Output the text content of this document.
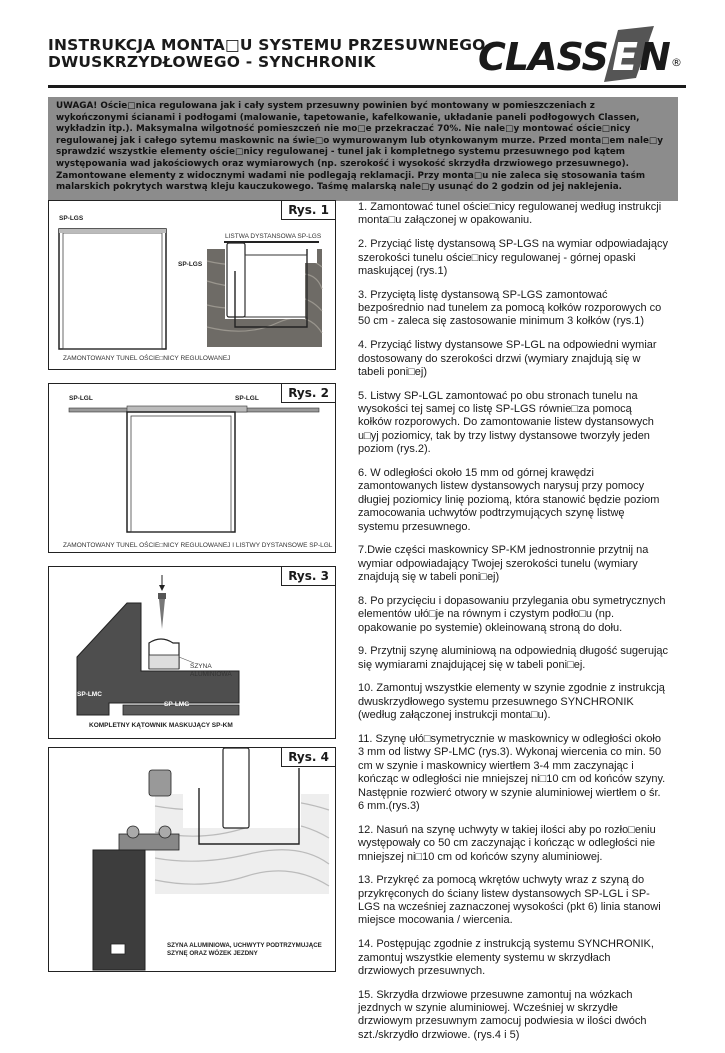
INSTRUKCJA MONTA□U SYSTEMU PRZESUWNEGO
DWUSKRZYDŁOWEGO - SYNCHRONIK	CLASS E N ®
UWAGA! Oście□nica regulowana jak i cały system przesuwny powinien być montowany w pomieszczeniach z wykończonymi ścianami i podłogami (malowanie, tapetowanie, kafelkowanie, układanie paneli podłogowych Classen, wykładzin itp.). Maksymalna wilgotność pomieszczeń nie mo□e przekraczać 70%. Nie nale□y montować oście□nicy regulowanej jak i całego sytemu maskownic na świe□o wymurowanym lub otynkowanym murze. Przed monta□em nale□y sprawdzić wszystkie elementy oście□nicy regulowanej - tunel jak i kompletnego systemu przesuwnego pod kątem występowania wad jakościowych oraz wymiarowych (np. szerokość i wysokość skrzydła drzwiowego przesuwnego). Zamontowane elementy z widocznymi wadami nie podlegają reklamacji. Przy monta□u nie zaleca się stosowania taśm malarskich pokrytych warstwą kleju kauczukowego. Taśmę malarską nale□y usunąć do 2 godzin od jej naklejenia.
SP-LGS
SP-LGS
LISTWA DYSTANSOWA SP-LGS
ZAMONTOWANY TUNEL OŚCIE□NICY REGULOWANEJ
Rys. 1
SP-LGL	SP-LGL
ZAMONTOWANY TUNEL OŚCIE□NICY REGULOWANEJ I LISTWY DYSTANSOWE SP-LGL
Rys. 2
SZYNA ALUMINIOWA
SP-LMC
SP-LMG
KOMPLETNY KĄTOWNIK MASKUJĄCY SP-KM
Rys. 3
SZYNA ALUMINIOWA, UCHWYTY PODTRZYMUJĄCE SZYNĘ ORAZ WÓZEK JEZDNY
Rys. 4

1. Zamontować tunel oście□nicy regulowanej według instrukcji monta□u załączonej w opakowaniu.

2. Przyciąć listę dystansową SP-LGS na wymiar odpowiadający szerokości tunelu oście□nicy regulowanej - górnej opaski maskującej (rys.1)

3. Przyciętą listę dystansową SP-LGS zamontować bezpośrednio nad tunelem za pomocą kołków rozporowych co 50 cm - zaleca się zastosowanie minimum 3 kołków (rys.1)

4. Przyciąć listwy dystansowe SP-LGL na odpowiedni wymiar dostosowany do szerokości drzwi (wymiary znajdują się w tabeli poni□ej)

5. Listwy SP-LGL zamontować po obu stronach tunelu na wysokości tej samej co listę SP-LGS równie□za pomocą kołków rozporowych. Do zamontowanie listew dystansowych u□yj poziomicy, tak by trzy listwy dystansowe tworzyły jeden poziom (rys.2).

6. W odległości około 15 mm od górnej krawędzi zamontowanych listew dystansowych narysuj przy pomocy długiej poziomicy linię poziomą, która stanowić będzie poziom zamocowania uchwytów podtrzymujących szynę listwę systemu przesuwnego.

7.Dwie części maskownicy SP-KM jednostronnie przytnij na wymiar odpowiadający Twojej szerokości tunelu (wymiary znajdują się w tabeli poni□ej)

8. Po przycięciu i dopasowaniu przylegania obu symetrycznych elementów ułó□je na równym i czystym podło□u (np. opakowanie po systemie) okleinowaną stroną do dołu.

9. Przytnij szynę aluminiową na odpowiednią długość sugerując się wymiarami znajdującej się w tabeli poni□ej.

10. Zamontuj wszystkie elementy w szynie zgodnie z instrukcją dwuskrzydłowego systemu przesuwnego SYNCHRONIK (według załączonej instrukcji monta□u).

11. Szynę ułó□symetrycznie w maskownicy w odległości około 3 mm od listwy SP-LMC (rys.3). Wykonaj wiercenia co min. 50 cm w szynie i maskownicy wiertłem 3-4 mm zaczynając i kończąc w odległości nie mniejszej ni□10 cm od końców szyny. Następnie rozwierć otwory w szynie aluminiowej wiertłem o śr. 6 mm.(rys.3)

12. Nasuń na szynę uchwyty w takiej ilości aby po rozło□eniu występowały co 50 cm zaczynając i kończąc w odległości nie mniejszej ni□10 cm od końców szyny aluminiowej.

13. Przykręć za pomocą wkrętów uchwyty wraz z szyną do przykręconych do ściany listew dystansowych SP-LGL i SP-LGS na wcześniej zaznaczonej wysokości (pkt 6) linia stanowi miejsce mocowania / wiercenia.

14. Postępując zgodnie z instrukcją systemu SYNCHRONIK, zamontuj wszystkie elementy systemu w skrzydłach drzwiowych przesuwnych.

15. Skrzydła drzwiowe przesuwne zamontuj na wózkach jezdnych w szynie aluminiowej. Wcześniej w skrzydłe drzwiowym przesuwnym zamocuj podwiesia w ilości dwóch szt./skrzydło drzwiowe. (rys.4 i 5)
